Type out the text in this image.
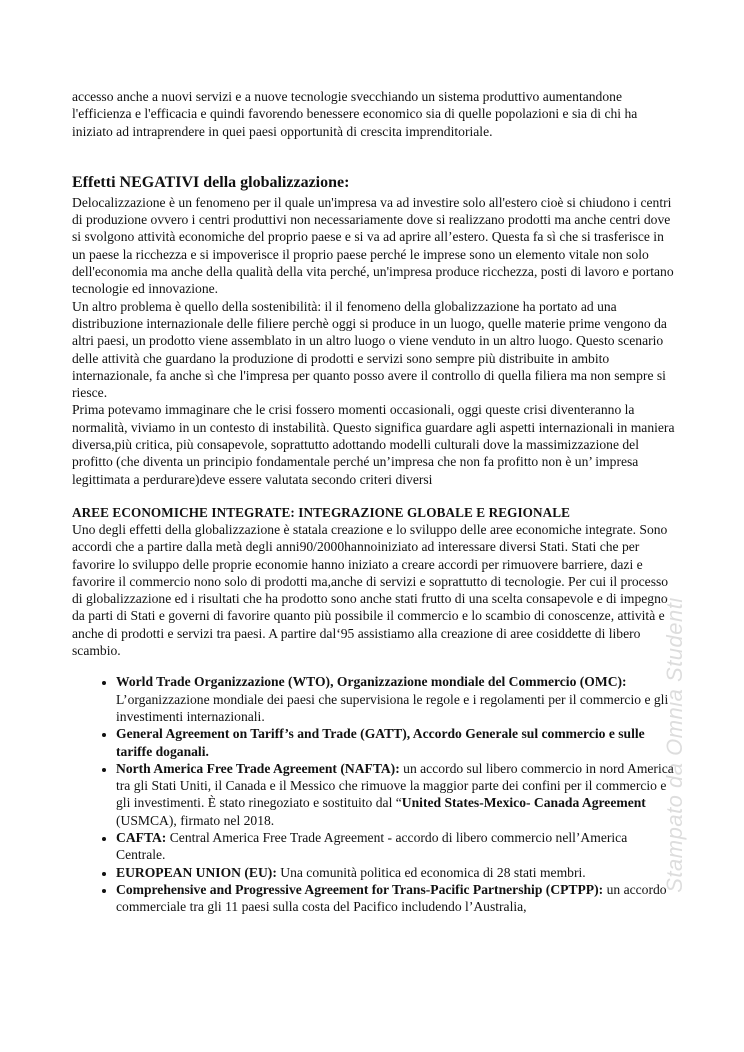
accesso anche a nuovi servizi e a nuove tecnologie svecchiando un sistema produttivo aumentandone l'efficienza e l'efficacia e quindi favorendo benessere economico sia di quelle popolazioni e sia di chi ha iniziato ad intraprendere in quei paesi opportunità di crescita imprenditoriale.

Effetti NEGATIVI della globalizzazione:

Delocalizzazione è un fenomeno per il quale un'impresa va ad investire solo all'estero cioè si chiudono i centri di produzione ovvero i centri produttivi non necessariamente dove si realizzano prodotti ma anche centri dove si svolgono attività economiche del proprio paese e si va ad aprire all’estero. Questa fa sì che si trasferisce in un paese la ricchezza e si impoverisce il proprio paese perché le imprese sono un elemento vitale non solo dell'economia ma anche della qualità della vita perché, un'impresa produce ricchezza, posti di lavoro e portano tecnologie ed innovazione.

Un altro problema è quello della sostenibilità: il il fenomeno della globalizzazione ha portato ad una distribuzione internazionale delle filiere perchè oggi si produce in un luogo, quelle materie prime vengono da altri paesi, un prodotto viene assemblato in un altro luogo o viene venduto in un altro luogo. Questo scenario delle attività che guardano la produzione di prodotti e servizi sono sempre più distribuite in ambito internazionale, fa anche sì che l'impresa per quanto posso avere il controllo di quella filiera ma non sempre si riesce.

Prima potevamo immaginare che le crisi fossero momenti occasionali, oggi queste crisi diventeranno la normalità, viviamo in un contesto di instabilità. Questo significa guardare agli aspetti internazionali in maniera diversa,più critica, più consapevole, soprattutto adottando modelli culturali dove la massimizzazione del profitto (che diventa un principio fondamentale perché un’impresa che non fa profitto non è un’ impresa legittimata a perdurare)deve essere valutata secondo criteri diversi

AREE ECONOMICHE INTEGRATE: INTEGRAZIONE GLOBALE E REGIONALE

Uno degli effetti della globalizzazione è statala creazione e lo sviluppo delle aree economiche integrate. Sono accordi che a partire dalla metà degli anni90/2000hannoiniziato ad interessare diversi Stati. Stati che per favorire lo sviluppo delle proprie economie hanno iniziato a creare accordi per rimuovere barriere, dazi e favorire il commercio nono solo di prodotti ma,anche di servizi e soprattutto di tecnologie. Per cui il processo di globalizzazione ed i risultati che ha prodotto sono anche stati frutto di una scelta consapevole e di impegno da parti di Stati e governi di favorire quanto più possibile il commercio e lo scambio di conoscenze, attività e anche di prodotti e servizi tra paesi. A partire dal‘95 assistiamo alla creazione di aree cosiddette di libero scambio.

• World Trade Organizzazione (WTO), Organizzazione mondiale del Commercio (OMC): L’organizzazione mondiale dei paesi che supervisiona le regole e i regolamenti per il commercio e gli investimenti internazionali.
• General Agreement on Tariff’s and Trade (GATT), Accordo Generale sul commercio e sulle tariffe doganali.
• North America Free Trade Agreement (NAFTA): un accordo sul libero commercio in nord America tra gli Stati Uniti, il Canada e il Messico che rimuove la maggior parte dei confini per il commercio e gli investimenti. È stato rinegoziato e sostituito dal “United States-Mexico- Canada Agreement (USMCA), firmato nel 2018.
• CAFTA: Central America Free Trade Agreement - accordo di libero commercio nell’America Centrale.
• EUROPEAN UNION (EU): Una comunità politica ed economica di 28 stati membri.
• Comprehensive and Progressive Agreement for Trans-Pacific Partnership (CPTPP): un accordo commerciale tra gli 11 paesi sulla costa del Pacifico includendo l’Australia,
Stampato da Omnia Studenti
